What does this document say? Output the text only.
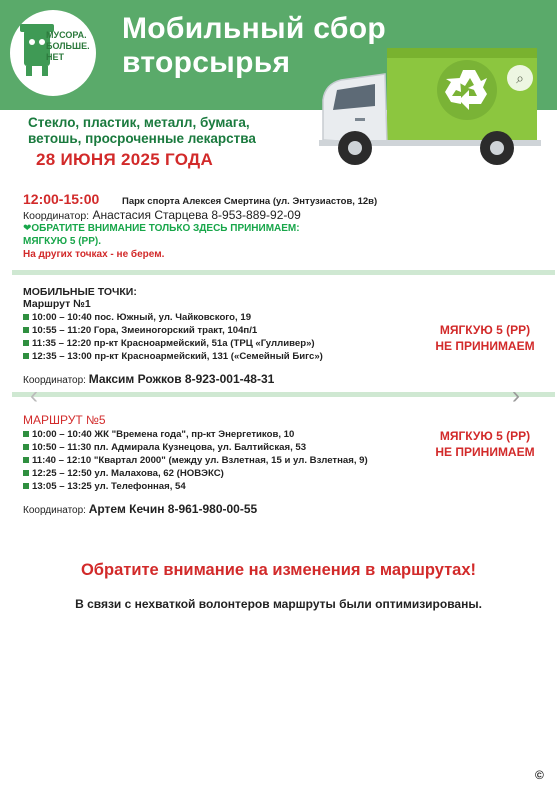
МУСОРА.
БОЛЬШЕ.
НЕТ
Мобильный сбор
вторсырья	⌕
Стекло, пластик, металл, бумага,
ветошь, просроченные лекарства
28 ИЮНЯ 2025 ГОДА
12:00-15:00 Парк спорта Алексея Смертина (ул. Энтузиастов, 12в)
Координатор: Анастасия Старцева 8-953-889-92-09
❤ОБРАТИТЕ ВНИМАНИЕ ТОЛЬКО ЗДЕСЬ ПРИНИМАЕМ:
МЯГКУЮ 5 (РР).
На других точках - не берем.
МОБИЛЬНЫЕ ТОЧКИ:
Маршрут №1
10:00 – 10:40 пос. Южный, ул. Чайковского, 19
10:55 – 11:20 Гора, Змеиногорский тракт, 104п/1
11:35 – 12:20 пр-кт Красноармейский, 51а (ТРЦ «Гулливер»)
12:35 – 13:00 пр-кт Красноармейский, 131 («Семейный Бигс»)
МЯГКУЮ 5 (РР)
НЕ ПРИНИМАЕМ
Координатор: Максим Рожков 8-923-001-48-31
‹	›
МАРШРУТ №5
10:00 – 10:40 ЖК "Времена года", пр-кт Энергетиков, 10
10:50 – 11:30 пл. Адмирала Кузнецова, ул. Балтийская, 53
11:40 – 12:10 "Квартал 2000" (между ул. Взлетная, 15 и ул. Взлетная, 9)
12:25 – 12:50 ул. Малахова, 62 (НОВЭКС)
13:05 – 13:25 ул. Телефонная, 54
МЯГКУЮ 5 (РР)
НЕ ПРИНИМАЕМ
Координатор: Артем Кечин 8-961-980-00-55
Обратите внимание на изменения в маршрутах!
В связи с нехваткой волонтеров маршруты были оптимизированы.
©
